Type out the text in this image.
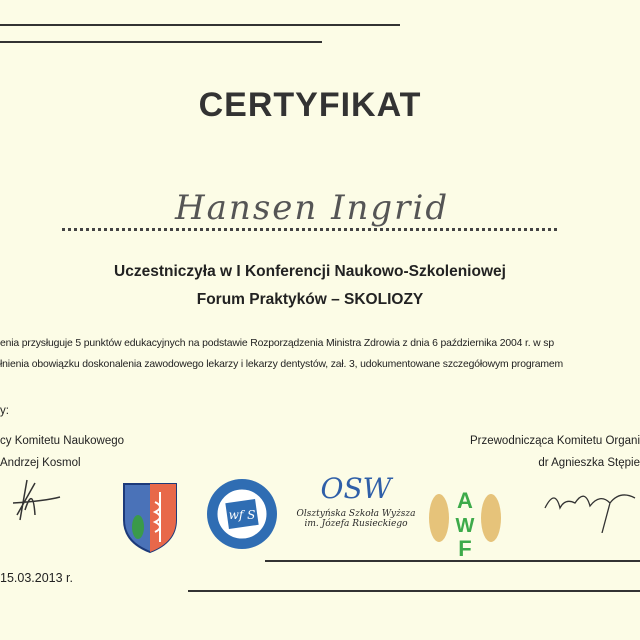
CERTYFIKAT
Hansen Ingrid
Uczestniczyła w I Konferencji Naukowo-Szkoleniowej
Forum Praktyków – SKOLIOZY
enia przysługuje 5 punktów edukacyjnych na podstawie Rozporządzenia Ministra Zdrowia z dnia 6 października 2004 r. w sp
łnienia obowiązku doskonalenia zawodowego lekarzy i lekarzy dentystów, zał. 3, udokumentowane szczegółowym programem
y:
cy Komitetu Naukowego
Andrzej Kosmol
Przewodnicząca Komitetu Organi
dr Agnieszka Stępie
wf S
OSW
Olsztyńska Szkoła Wyższa
im. Józefa Rusieckiego
A
W
F
15.03.2013 r.
